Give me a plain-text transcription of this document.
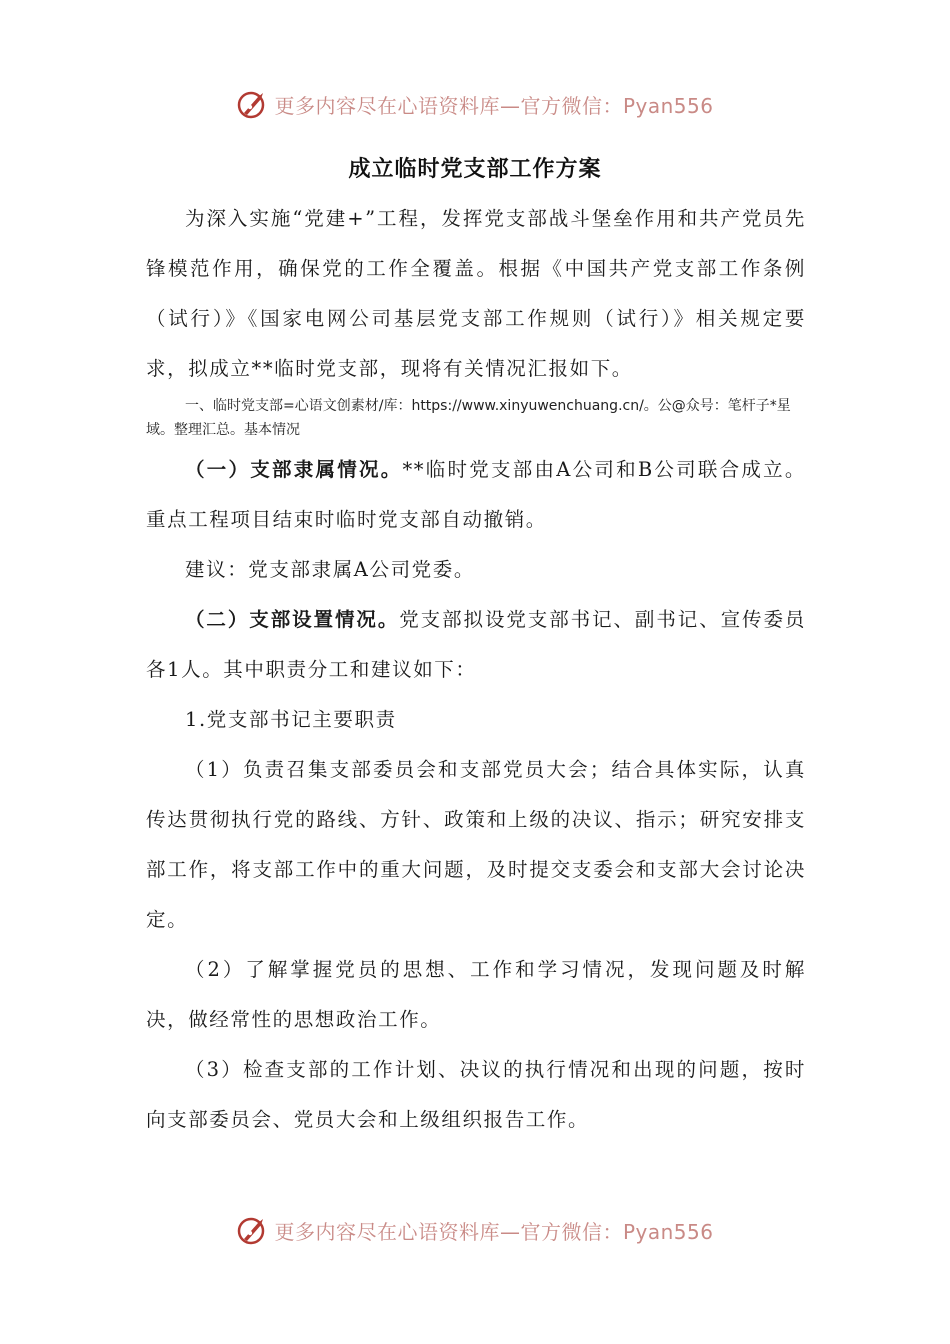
更多内容尽在心语资料库—官方微信：Pyan556
成立临时党支部工作方案
为深入实施“党建+”工程，发挥党支部战斗堡垒作用和共产党员先锋模范作用，确保党的工作全覆盖。根据《中国共产党支部工作条例（试行）》《国家电网公司基层党支部工作规则（试行）》相关规定要求，拟成立**临时党支部，现将有关情况汇报如下。
一、临时党支部=心语文创素材/库：https://www.xinyuwenchuang.cn/。公@众号：笔杆子*星域。整理汇总。基本情况
（一）支部隶属情况。**临时党支部由A公司和B公司联合成立。重点工程项目结束时临时党支部自动撤销。
建议：党支部隶属A公司党委。
（二）支部设置情况。党支部拟设党支部书记、副书记、宣传委员各1人。其中职责分工和建议如下：
1.党支部书记主要职责
（1）负责召集支部委员会和支部党员大会；结合具体实际，认真传达贯彻执行党的路线、方针、政策和上级的决议、指示；研究安排支部工作，将支部工作中的重大问题，及时提交支委会和支部大会讨论决定。
（2）了解掌握党员的思想、工作和学习情况，发现问题及时解决，做经常性的思想政治工作。
（3）检查支部的工作计划、决议的执行情况和出现的问题，按时向支部委员会、党员大会和上级组织报告工作。
更多内容尽在心语资料库—官方微信：Pyan556
